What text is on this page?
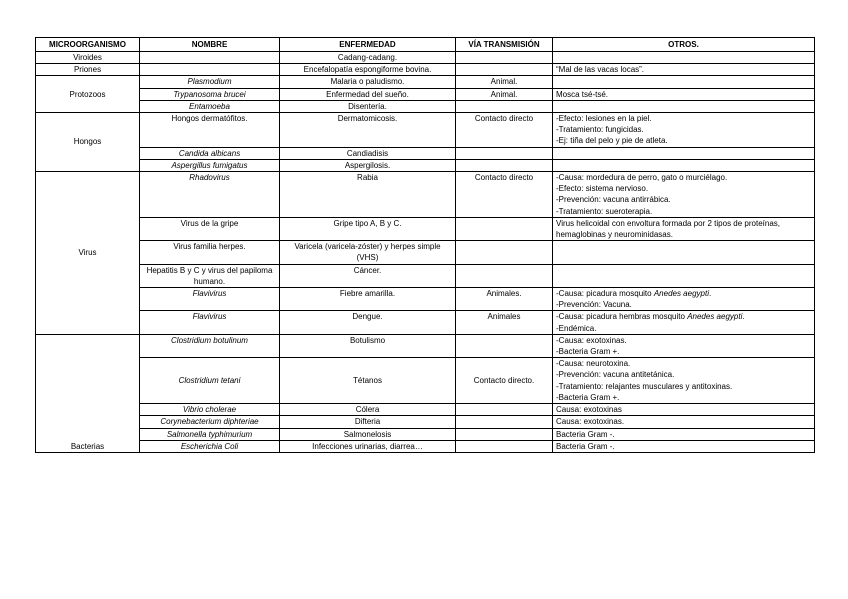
MICROORGANISMO	NOMBRE	ENFERMEDAD	VÍA TRANSMISIÓN	OTROS.
Viroides		Cadang-cadang.		
Priones		Encefalopatía espongiforme bovina.		“Mal de las vacas locas”.
Protozoos	Plasmodium	Malaria o paludismo.	Animal.	
	Trypanosoma brucei	Enfermedad del sueño.	Animal.	Mosca tsé-tsé.
	Entamoeba	Disentería.		
Hongos	Hongos dermatófitos.	Dermatomicosis.	Contacto directo	-Efecto: lesiones en la piel.
-Tratamiento: fungicidas.
-Ej: tiña del pelo y pie de atleta.

	Candida albicans	Candiadisis		
	Aspergillus fumigatus	Aspergilosis.		
Virus	Rhadovirus	Rabia	Contacto directo	-Causa: mordedura de perro, gato o murciélago.
-Efecto: sistema nervioso.
-Prevención: vacuna antirrábica.
-Tratamiento: sueroterapia.

	Virus de la gripe	Gripe tipo A, B y C.		Virus helicoidal con envoltura formada por 2 tipos de proteínas, hemaglobinas y neurominidasas.

	Virus familia herpes.	Varicela (varicela-zóster) y herpes simple (VHS)		
	Hepatitis B y C y virus del papiloma humano.	Cáncer.		
	Flavivirus	Fiebre amarilla.	Animales.	-Causa: picadura mosquito Anedes aegypti.
-Prevención: Vacuna.

	Flavivirus	Dengue.	Animales	-Causa: picadura hembras mosquito Anedes aegypti.
-Endémica.

Bacterias	Clostridium botulinum	Botulismo		-Causa: exotoxinas.
-Bacteria Gram +.

	Clostridium tetani	Tétanos	Contacto directo.	-Causa: neurotoxina.
-Prevención: vacuna antitetánica.
-Tratamiento: relajantes musculares y antitoxinas.
-Bacteria Gram +.

	Vibrio cholerae	Cólera		Causa: exotoxinas
	Corynebacterium diphteriae	Difteria		Causa: exotoxinas.
	Salmonella typhimurium	Salmonelosis		Bacteria Gram -.
	Escherichia Coli	Infecciones urinarias, diarrea…		Bacteria Gram -.
